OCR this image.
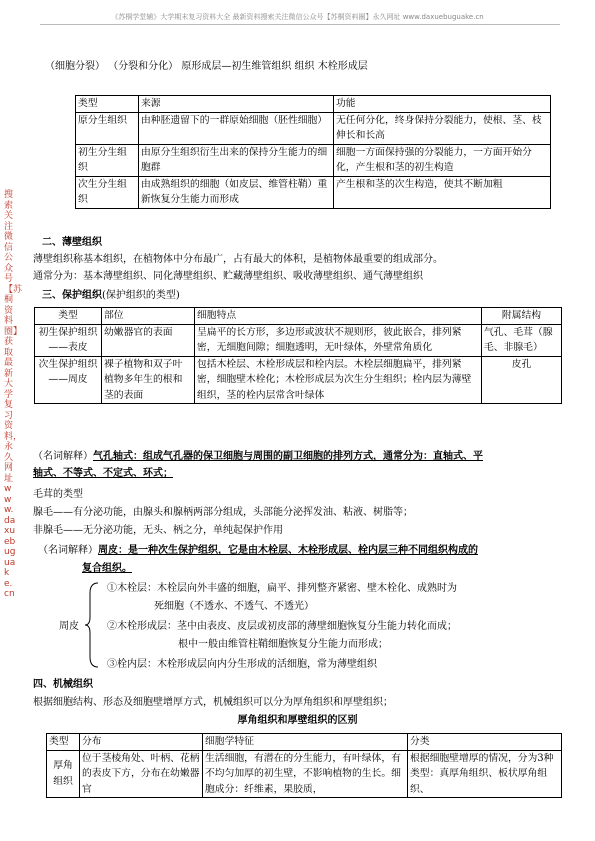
《苏桐学堂辅》大学期末复习资料大全 最新资料搜索关注微信公众号【苏桐资料圈】永久网址 www.daxuebuguake.cn
搜索关注微信公众号【苏桐资料圈】获取最新大学复习资料，永久网址www.daxuebuguake.cn
（细胞分裂） （分裂和分化） 原形成层—初生维管组织 组织 木栓形成层
类型	来源	功能
原分生组织	由种胚遗留下的一群原始细胞（胚性细胞）	无任何分化，终身保持分裂能力，使根、茎、枝伸长和长高
初生分生组织	由原分生组织衍生出来的保持分生能力的细胞群	细胞一方面保持强的分裂能力，一方面开始分化，产生根和茎的初生构造
次生分生组织	由成熟组织的细胞（如皮层、维管柱鞘）重新恢复分生能力而形成	产生根和茎的次生构造，使其不断加粗
二、薄壁组织
薄壁组织称基本组织，在植物体中分布最广，占有最大的体积，是植物体最重要的组成部分。
通常分为：基本薄壁组织、同化薄壁组织、贮藏薄壁组织、吸收薄壁组织、通气薄壁组织
三、保护组织(保护组织的类型)
类型	部位	细胞特点	附属结构
初生保护组织——表皮	幼嫩器官的表面	呈扁平的长方形，多边形或波状不规则形，彼此嵌合，排列紧密，无细胞间隙；细胞透明，无叶绿体，外壁常角质化	气孔、毛茸（腺毛、非腺毛）
次生保护组织——周皮	裸子植物和双子叶植物多年生的根和茎的表面	包括木栓层、木栓形成层和栓内层。木栓层细胞扁平，排列紧密，细胞壁木栓化；木栓形成层为次生分生组织；栓内层为薄壁组织，茎的栓内层常含叶绿体	皮孔
（名词解释）气孔轴式：组成气孔器的保卫细胞与周围的副卫细胞的排列方式，通常分为：直轴式、平
轴式、不等式、不定式、环式；
毛茸的类型
腺毛——有分泌功能，由腺头和腺柄两部分组成，头部能分泌挥发油、粘液、树脂等；
非腺毛——无分泌功能，无头、柄之分，单纯起保护作用
（名词解释）周皮：是一种次生保护组织，它是由木栓层、木栓形成层、栓内层三种不同组织构成的
复合组织。
周皮
①木栓层：木栓层向外丰盛的细胞，扁平、排列整齐紧密、壁木栓化、成熟时为
死细胞（不透水、不透气、不透光）
②木栓形成层：茎中由表皮、皮层或初皮部的薄壁细胞恢复分生能力转化而成；
根中一般由维管柱鞘细胞恢复分生能力而形成；
③栓内层：木栓形成层向内分生形成的活细胞，常为薄壁组织
四、机械组织
根据细胞结构、形态及细胞壁增厚方式，机械组织可以分为厚角组织和厚壁组织；
厚角组织和厚壁组织的区别
类型	分布	细胞学特征	分类
厚角组织	位于茎棱角处、叶柄、花柄的表皮下方，分布在幼嫩器官	生活细胞，有潜在的分生能力，有叶绿体，有不均匀加厚的初生壁，不影响植物的生长。细胞成分：纤维素，果胶质，	根据细胞壁增厚的情况，分为3种类型：真厚角组织、板状厚角组织、
